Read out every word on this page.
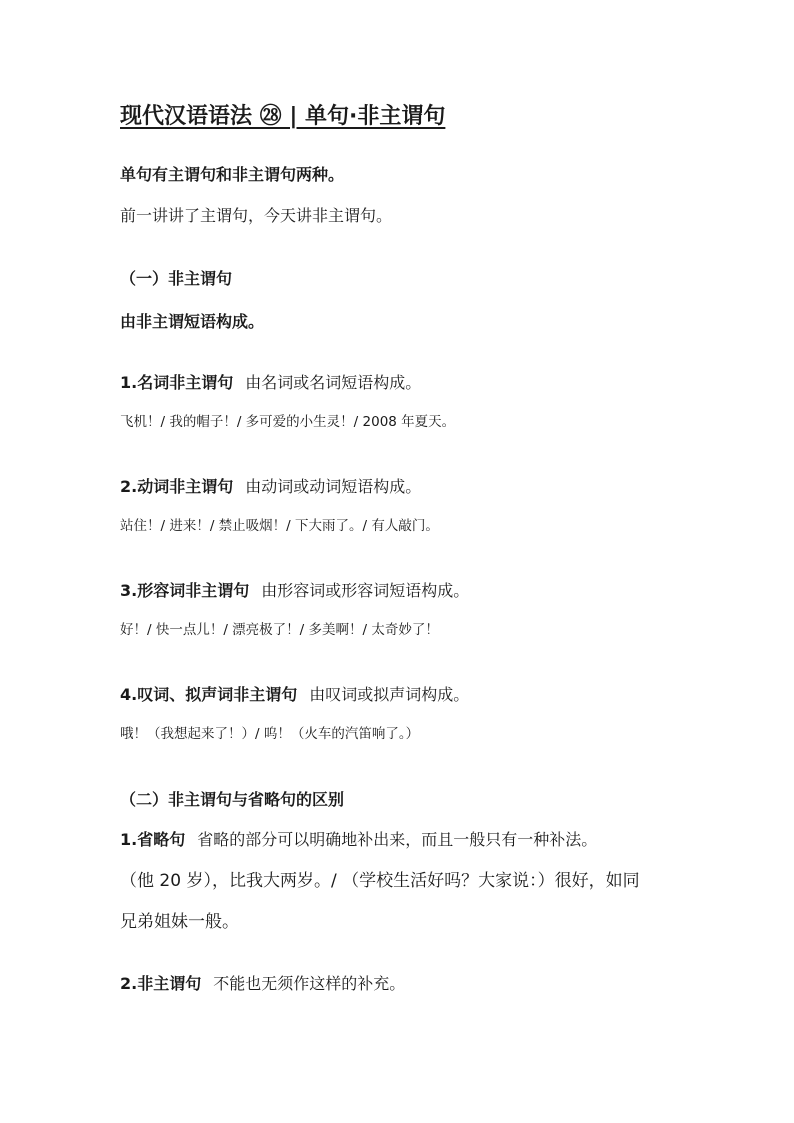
现代汉语语法 ㉘ | 单句·非主谓句
单句有主谓句和非主谓句两种。
前一讲讲了主谓句，今天讲非主谓句。
（一）非主谓句
由非主谓短语构成。
1.名词非主谓句 由名词或名词短语构成。
飞机！/ 我的帽子！/ 多可爱的小生灵！/ 2008 年夏天。
2.动词非主谓句 由动词或动词短语构成。
站住！/ 进来！/ 禁止吸烟！/ 下大雨了。/ 有人敲门。
3.形容词非主谓句 由形容词或形容词短语构成。
好！/ 快一点儿！/ 漂亮极了！/ 多美啊！/ 太奇妙了！
4.叹词、拟声词非主谓句 由叹词或拟声词构成。
哦！（我想起来了！）/ 呜！（火车的汽笛响了。）
（二）非主谓句与省略句的区别
1.省略句 省略的部分可以明确地补出来，而且一般只有一种补法。
（他 20 岁），比我大两岁。/ （学校生活好吗？大家说：）很好，如同
兄弟姐妹一般。
2.非主谓句 不能也无须作这样的补充。
